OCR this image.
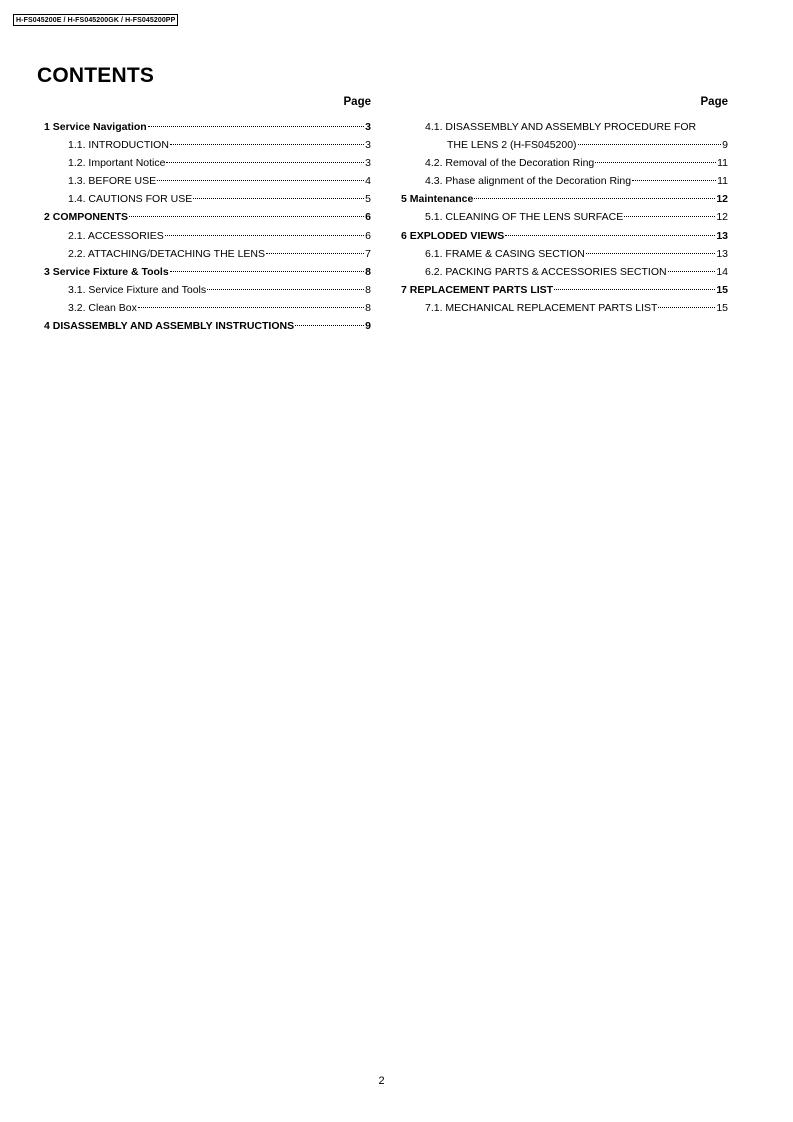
H-FS045200E / H-FS045200GK / H-FS045200PP
CONTENTS
Page
1 Service Navigation	3
1.1. INTRODUCTION	3
1.2. Important Notice	3
1.3. BEFORE USE	4
1.4. CAUTIONS FOR USE	5
2 COMPONENTS	6
2.1. ACCESSORIES	6
2.2. ATTACHING/DETACHING THE LENS	7
3 Service Fixture & Tools	8
3.1. Service Fixture and Tools	8
3.2. Clean Box	8
4 DISASSEMBLY AND ASSEMBLY INSTRUCTIONS	9
Page
4.1. DISASSEMBLY AND ASSEMBLY PROCEDURE FOR
THE LENS 2 (H-FS045200)	9
4.2. Removal of the Decoration Ring	11
4.3. Phase alignment of the Decoration Ring	11
5 Maintenance	12
5.1. CLEANING OF THE LENS SURFACE	12
6 EXPLODED VIEWS	13
6.1. FRAME & CASING SECTION	13
6.2. PACKING PARTS & ACCESSORIES SECTION	14
7 REPLACEMENT PARTS LIST	15
7.1. MECHANICAL REPLACEMENT PARTS LIST	15
2
